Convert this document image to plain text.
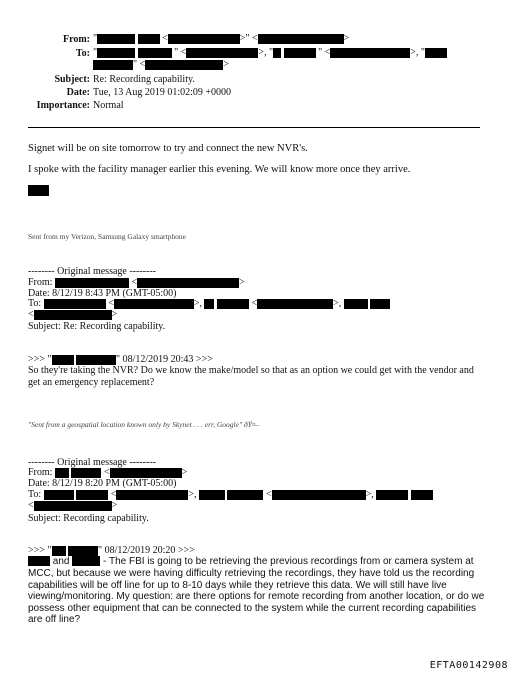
From: "	<	>" <	>
To: "	" <	>, "	" <	>, "
" <	>
Subject: Re: Recording capability.
Date: Tue, 13 Aug 2019 01:02:09 +0000
Importance: Normal
Signet will be on site tomorrow to try and connect the new NVR's.
I spoke with the facility manager earlier this evening. We will know more once they arrive.
Sent from my Verizon, Samsung Galaxy smartphone
-------- Original message --------
From:	<	>
Date: 8/12/19 8:43 PM (GMT-05:00)
To:	<	>,	<	>,
<	>
Subject: Re: Recording capability.
>>> "	" 08/12/2019 20:43 >>>
So they're taking the NVR? Do we know the make/model so that as an option we could get with the vendor and get an emergency replacement?
"Sent from a geospatial location known only by Skynet . . . err, Google" ðŸ¤–
-------- Original message --------
From:	<	>
Date: 8/12/19 8:20 PM (GMT-05:00)
To:	<	>,	<	>,
<	>
Subject: Recording capability.
>>> "	" 08/12/2019 20:20 >>>
and	- The FBI is going to be retrieving the previous recordings from or camera system at
MCC, but because we were having difficulty retrieving the recordings, they have told us the recording capabilities will be off line for up to 8-10 days while they retrieve this data. We will still have live viewing/monitoring. My question: are there options for remote recording from another location, or do we possess other equipment that can be connected to the system while the current recording capabilities are off line?
EFTA00142908
